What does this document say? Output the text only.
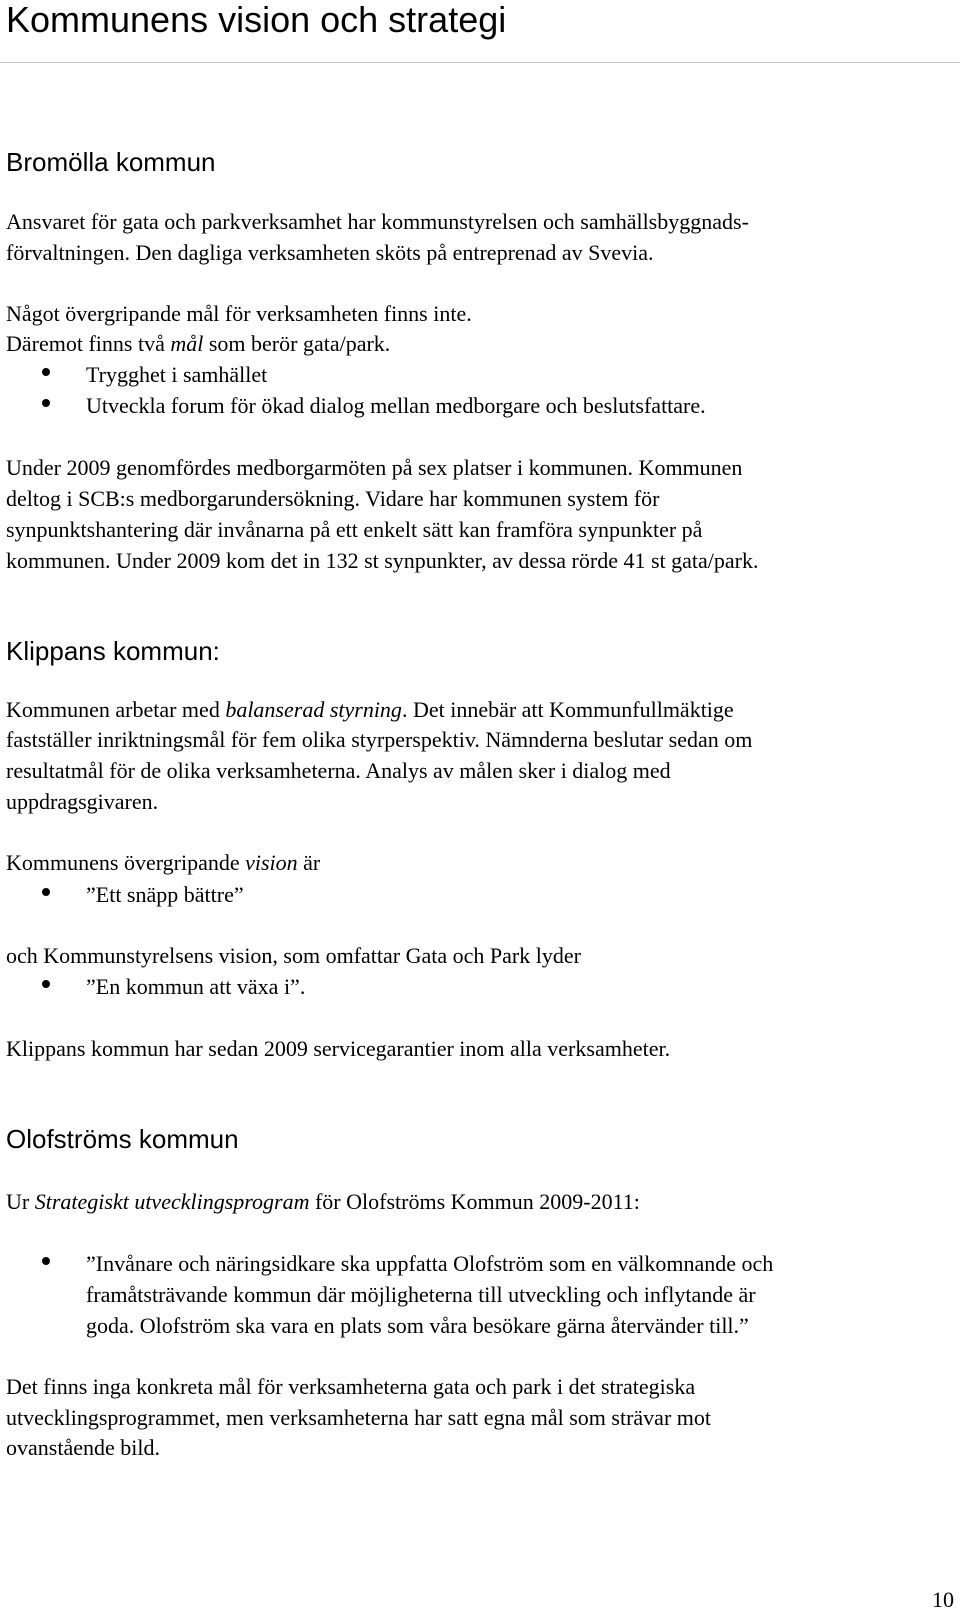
Kommunens vision och strategi
Bromölla kommun

Ansvaret för gata och parkverksamhet har kommunstyrelsen och samhällsbyggnads-

förvaltningen. Den dagliga verksamheten sköts på entreprenad av Svevia.

Något övergripande mål för verksamheten finns inte.

Däremot finns två mål som berör gata/park.

Trygghet i samhället

Utveckla forum för ökad dialog mellan medborgare och beslutsfattare.

Under 2009 genomfördes medborgarmöten på sex platser i kommunen. Kommunen

deltog i SCB:s medborgarundersökning. Vidare har kommunen system för

synpunktshantering där invånarna på ett enkelt sätt kan framföra synpunkter på

kommunen. Under 2009 kom det in 132 st synpunkter, av dessa rörde 41 st gata/park.

Klippans kommun:

Kommunen arbetar med balanserad styrning. Det innebär att Kommunfullmäktige

fastställer inriktningsmål för fem olika styrperspektiv. Nämnderna beslutar sedan om

resultatmål för de olika verksamheterna. Analys av målen sker i dialog med

uppdragsgivaren.

Kommunens övergripande vision är

”Ett snäpp bättre”

och Kommunstyrelsens vision, som omfattar Gata och Park lyder

”En kommun att växa i”.

Klippans kommun har sedan 2009 servicegarantier inom alla verksamheter.

Olofströms kommun

Ur Strategiskt utvecklingsprogram för Olofströms Kommun 2009-2011:

”Invånare och näringsidkare ska uppfatta Olofström som en välkomnande och

framåtsträvande kommun där möjligheterna till utveckling och inflytande är

goda. Olofström ska vara en plats som våra besökare gärna återvänder till.”

Det finns inga konkreta mål för verksamheterna gata och park i det strategiska

utvecklingsprogrammet, men verksamheterna har satt egna mål som strävar mot

ovanstående bild.

10
